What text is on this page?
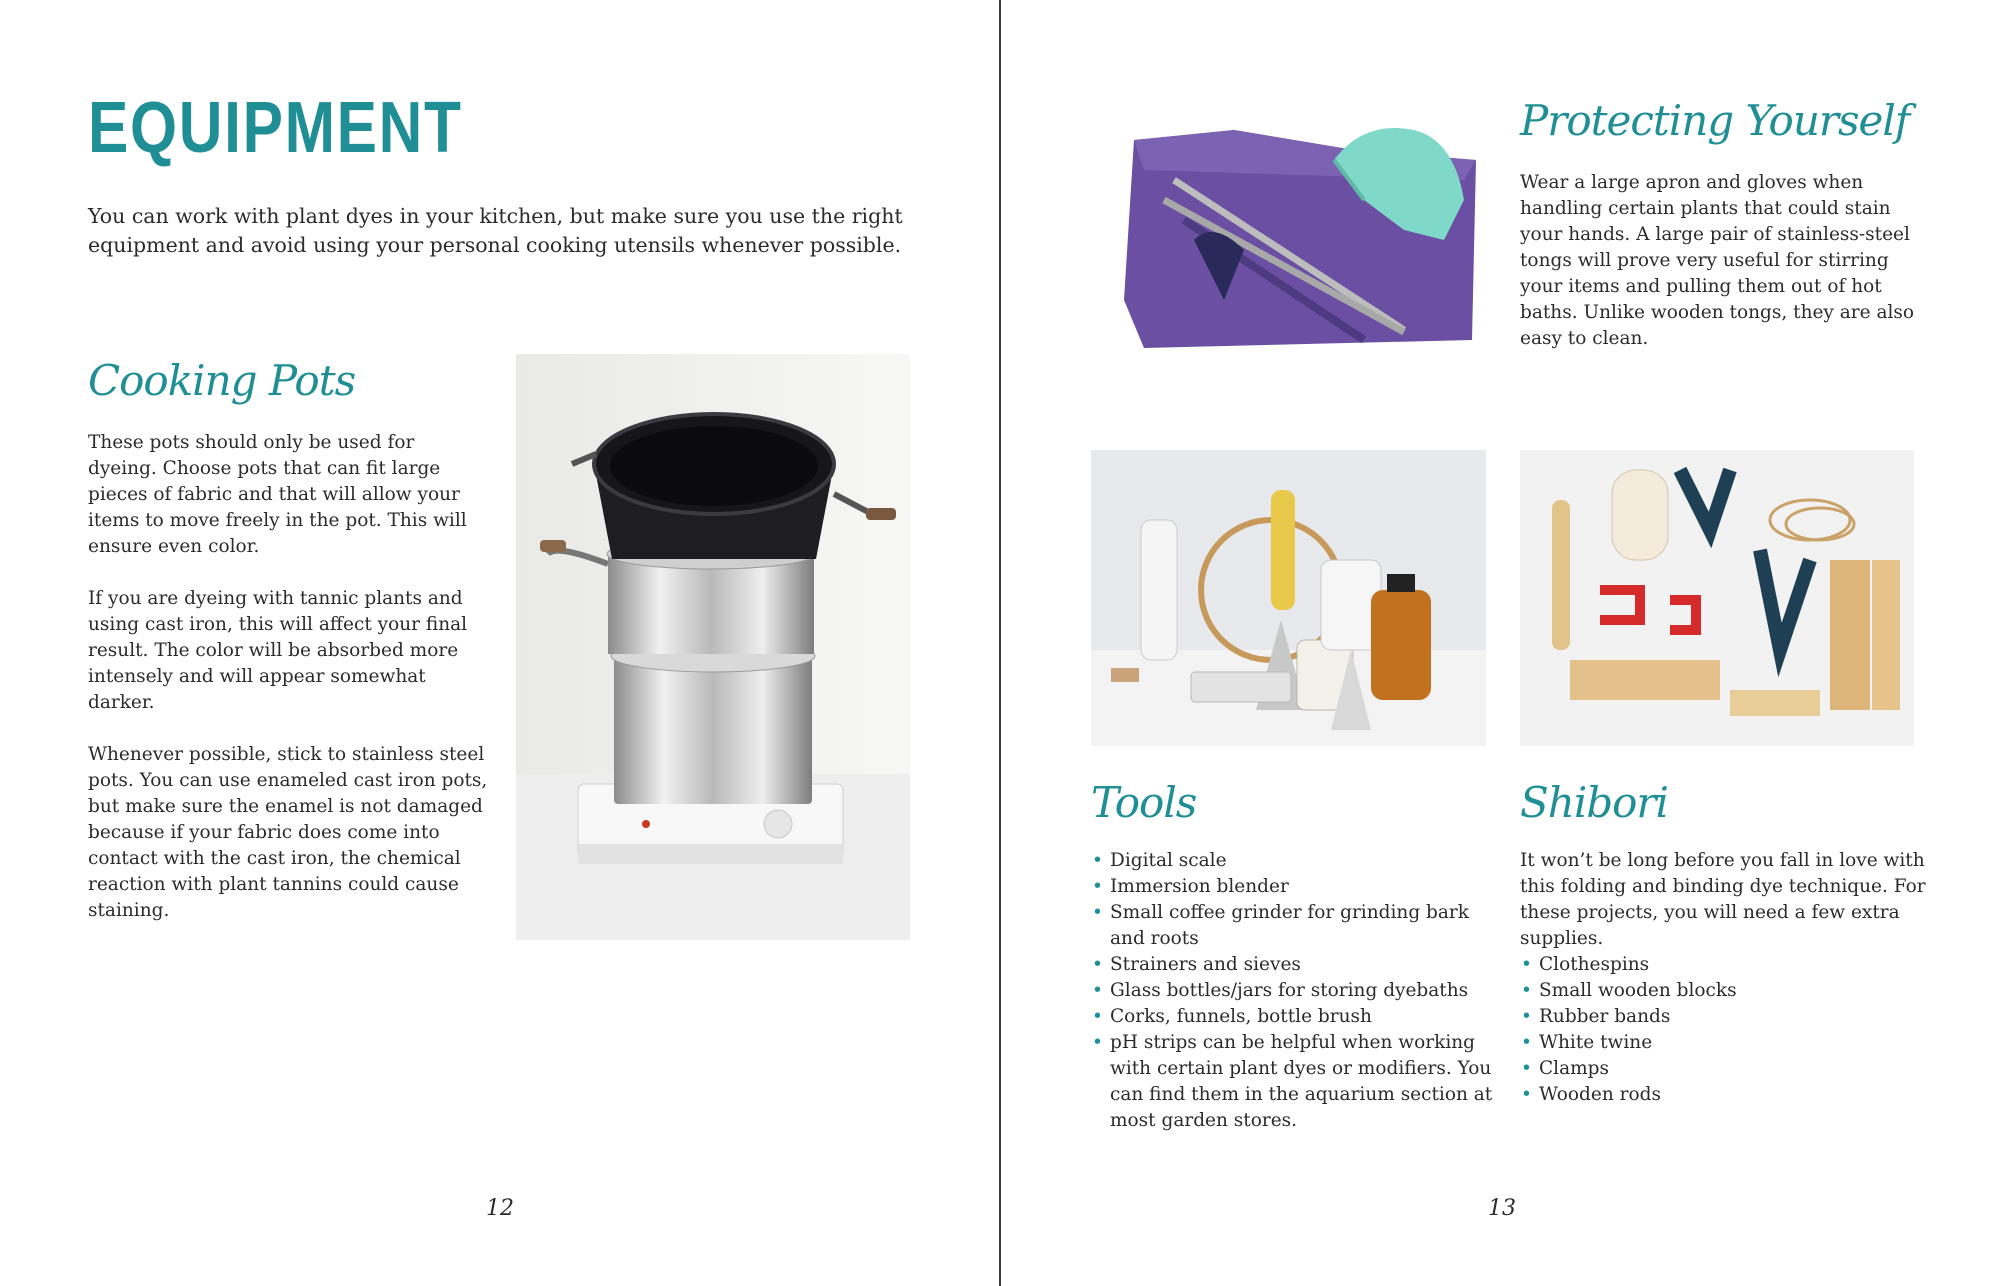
EQUIPMENT

You can work with plant dyes in your kitchen, but make sure you use the right equipment and avoid using your personal cooking utensils whenever possible.

Cooking Pots

These pots should only be used for dyeing. Choose pots that can fit large pieces of fabric and that will allow your items to move freely in the pot. This will ensure even color.

If you are dyeing with tannic plants and using cast iron, this will affect your final result. The color will be absorbed more intensely and will appear somewhat darker.

Whenever possible, stick to stainless steel pots. You can use enameled cast iron pots, but make sure the enamel is not damaged because if your fabric does come into contact with the cast iron, the chemical reaction with plant tannins could cause staining.

12
Protecting Yourself

Wear a large apron and gloves when handling certain plants that could stain your hands. A large pair of stainless-steel tongs will prove very useful for stirring your items and pulling them out of hot baths. Unlike wooden tongs, they are also easy to clean.

Tools
• Digital scale
• Immersion blender
• Small coffee grinder for grinding bark and roots
• Strainers and sieves
• Glass bottles/jars for storing dyebaths
• Corks, funnels, bottle brush
• pH strips can be helpful when working with certain plant dyes or modifiers. You can find them in the aquarium section at most garden stores.
Shibori
It won’t be long before you fall in love with this folding and binding dye technique. For these projects, you will need a few extra supplies.
• Clothespins
• Small wooden blocks
• Rubber bands
• White twine
• Clamps
• Wooden rods
13
